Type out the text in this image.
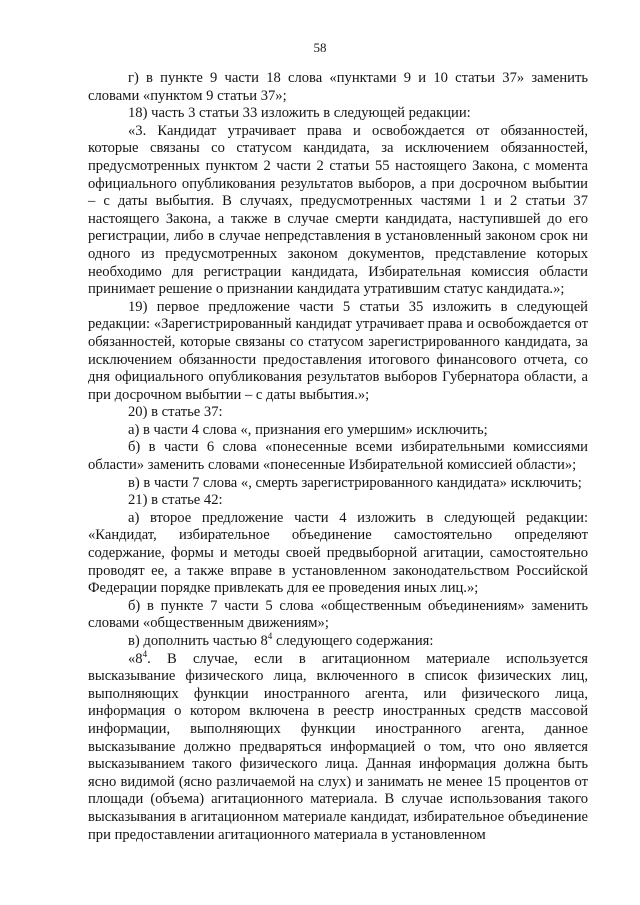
58

г) в пункте 9 части 18 слова «пунктами 9 и 10 статьи 37» заменить словами «пунктом 9 статьи 37»;

18) часть 3 статьи 33 изложить в следующей редакции:

«3. Кандидат утрачивает права и освобождается от обязанностей, которые связаны со статусом кандидата, за исключением обязанностей, предусмотренных пунктом 2 части 2 статьи 55 настоящего Закона, с момента официального опубликования результатов выборов, а при досрочном выбытии – с даты выбытия. В случаях, предусмотренных частями 1 и 2 статьи 37 настоящего Закона, а также в случае смерти кандидата, наступившей до его регистрации, либо в случае непредставления в установленный законом срок ни одного из предусмотренных законом документов, представление которых необходимо для регистрации кандидата, Избирательная комиссия области принимает решение о признании кандидата утратившим статус кандидата.»;

19) первое предложение части 5 статьи 35 изложить в следующей редакции: «Зарегистрированный кандидат утрачивает права и освобождается от обязанностей, которые связаны со статусом зарегистрированного кандидата, за исключением обязанности предоставления итогового финансового отчета, со дня официального опубликования результатов выборов Губернатора области, а при досрочном выбытии – с даты выбытия.»;

20) в статье 37:

а) в части 4 слова «, признания его умершим» исключить;

б) в части 6 слова «понесенные всеми избирательными комиссиями области» заменить словами «понесенные Избирательной комиссией области»;

в) в части 7 слова «, смерть зарегистрированного кандидата» исключить;

21) в статье 42:

а) второе предложение части 4 изложить в следующей редакции: «Кандидат, избирательное объединение самостоятельно определяют содержание, формы и методы своей предвыборной агитации, самостоятельно проводят ее, а также вправе в установленном законодательством Российской Федерации порядке привлекать для ее проведения иных лиц.»;

б) в пункте 7 части 5 слова «общественным объединениям» заменить словами «общественным движениям»;

в) дополнить частью $8^4$ следующего содержания:

«$8^4$. В случае, если в агитационном материале используется высказывание физического лица, включенного в список физических лиц, выполняющих функции иностранного агента, или физического лица, информация о котором включена в реестр иностранных средств массовой информации, выполняющих функции иностранного агента, данное высказывание должно предваряться информацией о том, что оно является высказыванием такого физического лица. Данная информация должна быть ясно видимой (ясно различаемой на слух) и занимать не менее 15 процентов от площади (объема) агитационного материала. В случае использования такого высказывания в агитационном материале кандидат, избирательное объединение при предоставлении агитационного материала в установленном
